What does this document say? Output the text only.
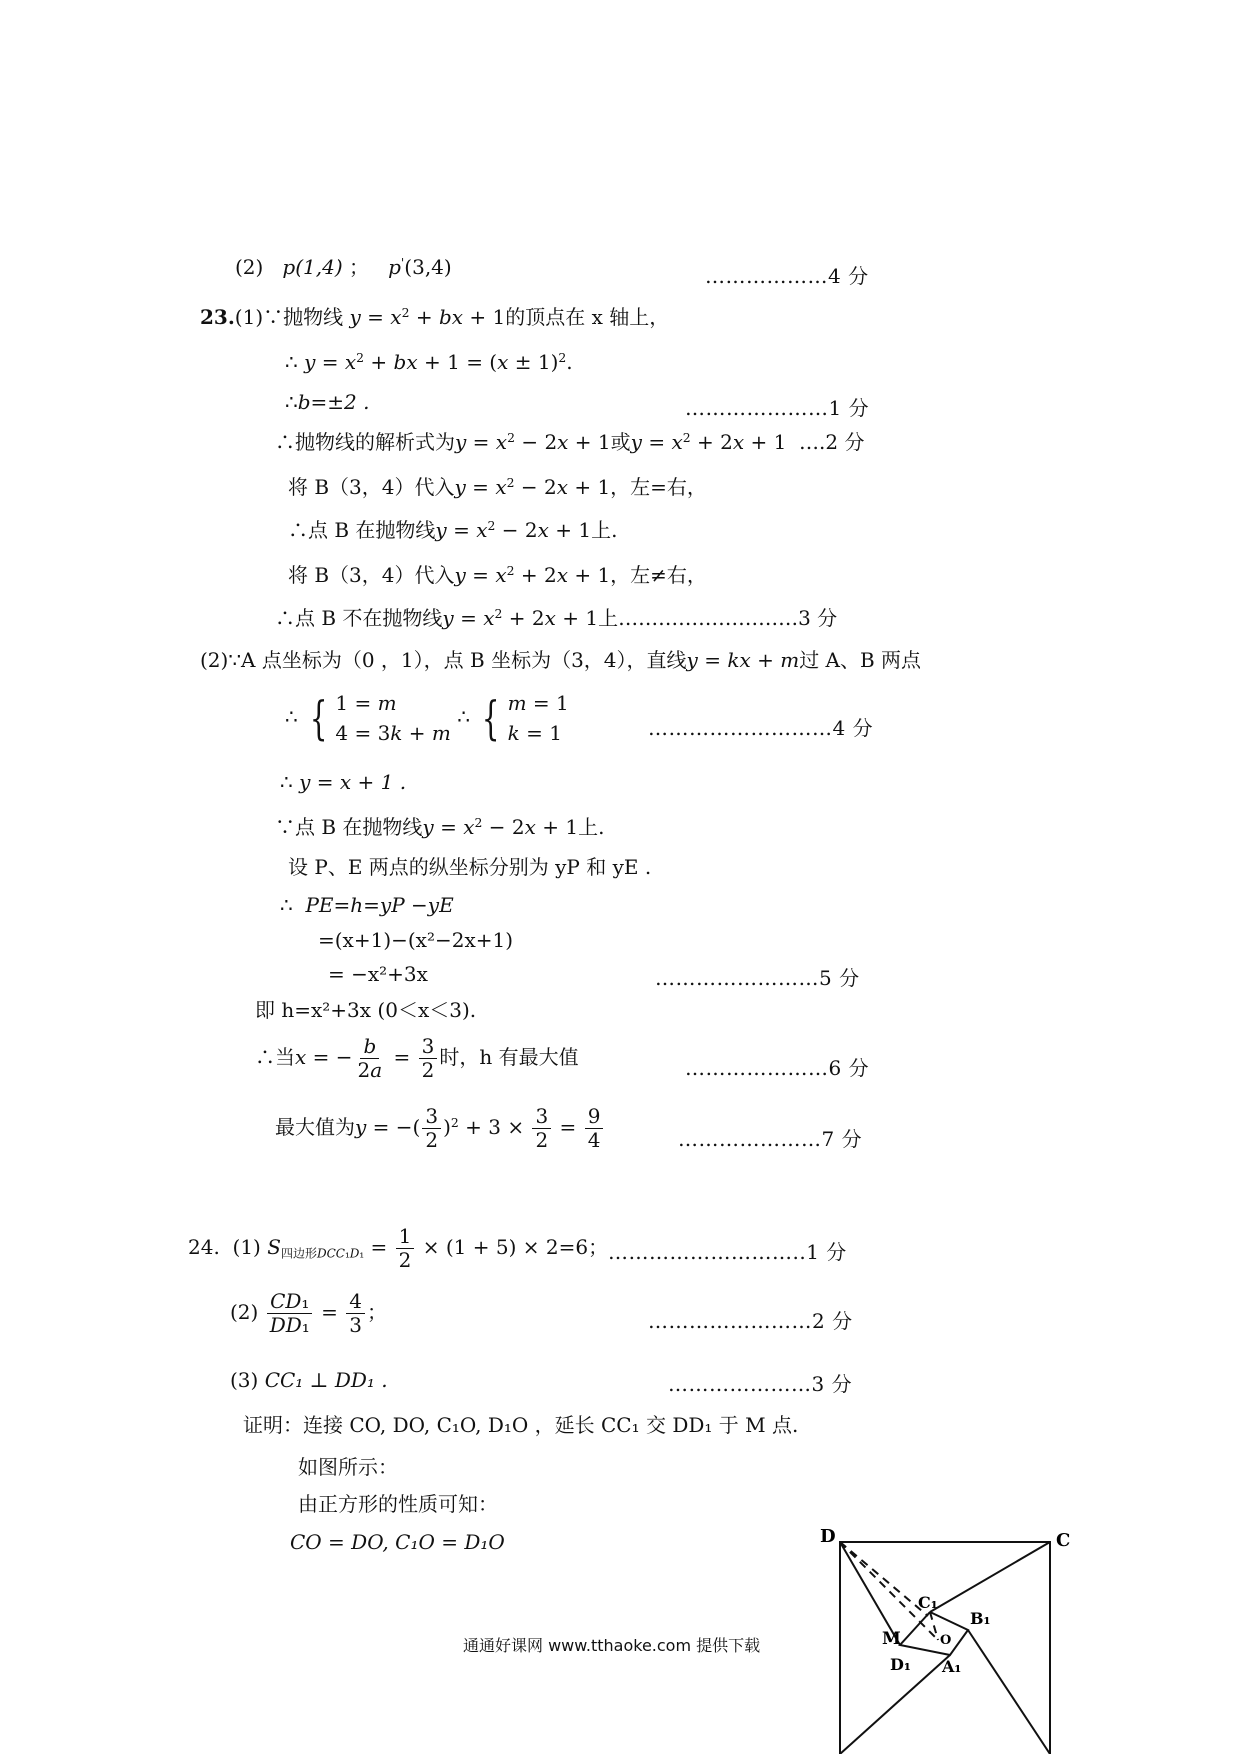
(2) p(1,4) ； p'(3,4)	………………4 分
23.(1)∵抛物线 $y = x^2$ + bx + 1的顶点在 x 轴上，
∴ $y = x^2$ + bx + $1 = (x \pm 1)^2$.
∴b=±2 .	…………………1 分
∴抛物线的解析式为$y = x^2 - 2x + 1$或$y = x^2 + 2x + 1$  ….2 分
将 B（3，4）代入$y = x^2 - 2x + 1$，左=右，
∴点 B 在抛物线$y = x^2 - 2x + 1$上.
将 B（3，4）代入$y = x^2 + 2x + 1$，左≠右，
∴点 B 不在抛物线$y = x^2 + 2x + 1$上………………………3 分
(2)∵A 点坐标为（0 ，1），点 B 坐标为（3，4），直线y = kx + m过 A、B 两点
∴ { 1 = m
4 = 3k + m
∴ { m = 1
k = 1	………………………4 分
∴ y = x + 1 .
∵点 B 在抛物线$y = x^2 - 2x + 1$上.
设 P、E 两点的纵坐标分别为 yP 和 yE .
∴ PE=h=yP −yE
=(x+1)−(x²−2x+1)
= −x²+3x	……………………5 分
即 h=x²+3x (0＜x＜3).
∴当x = − $\frac{b}{2a} = \frac{3}{2}$ 时，h 有最大值	…………………6 分
最大值为y = −( $\frac{3}{2} )^2 + 3 \times \frac{3}{2} = \frac{9}{4}$	…………………7 分
24. (1) $S_{四边形DCC_1D_1} = \frac{1}{2} \times (1 + 5) \times 2=6$； ………………………..1 分
$(2) \frac{\text{CD₁}}{\text{DD₁}} = \frac{4}{3}$ ；	……………………2 分
(3) CC₁ ⊥ DD₁ .	…………………3 分
证明：连接 CO, DO, C₁O, D₁O ，延长 CC₁ 交 DD₁ 于 M 点.
如图所示：
由正方形的性质可知：
CO = DO, C₁O = D₁O	D	C
C₁
B₁
M	O
D₁ A₁
通通好课网 www.tthaoke.com 提供下载
